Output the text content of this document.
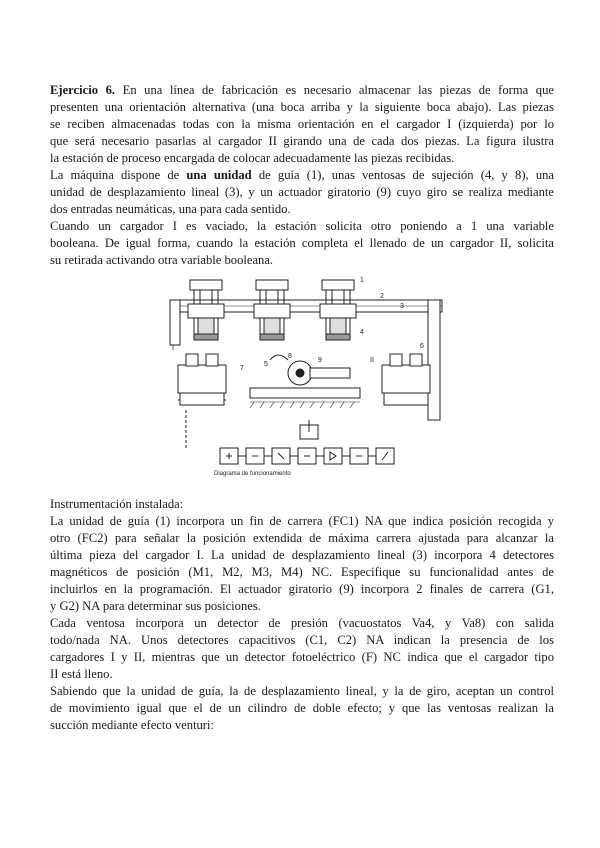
Ejercicio 6. En una línea de fabricación es necesario almacenar las piezas de forma que
presenten una orientación alternativa (una boca arriba y la siguiente boca abajo). Las piezas
se reciben almacenadas todas con la misma orientación en el cargador I (izquierda) por lo
que será necesario pasarlas al cargador II girando una de cada dos piezas. La figura ilustra
la estación de proceso encargada de colocar adecuadamente las piezas recibidas.
La máquina dispone de una unidad de guía (1), unas ventosas de sujeción (4, y 8), una
unidad de desplazamiento lineal (3), y un actuador giratorio (9) cuyo giro se realiza mediante
dos entradas neumáticas, una para cada sentido.
Cuando un cargador I es vaciado, la estación solicita otro poniendo a 1 una variable
booleana. De igual forma, cuando la estación completa el llenado de un cargador II, solicita
su retirada activando otra variable booleana.
1
2
3
4
5
6
7
8
9
I
II
Diagrama de funcionamiento
Instrumentación instalada:
La unidad de guía (1) incorpora un fin de carrera (FC1) NA que indica posición recogida y
otro (FC2) para señalar la posición extendida de máxima carrera ajustada para alcanzar la
última pieza del cargador I. La unidad de desplazamiento lineal (3) incorpora 4 detectores
magnéticos de posición (M1, M2, M3, M4) NC. Especifique su funcionalidad antes de
incluirlos en la programación. El actuador giratorio (9) incorpora 2 finales de carrera (G1,
y G2) NA para determinar sus posiciones.
Cada ventosa incorpora un detector de presión (vacuostatos Va4, y Va8) con salida
todo/nada NA. Unos detectores capacitivos (C1, C2) NA indican la presencia de los
cargadores I y II, mientras que un detector fotoeléctrico (F) NC indica que el cargador tipo
II está lleno.
Sabiendo que la unidad de guía, la de desplazamiento lineal, y la de giro, aceptan un control
de movimiento igual que el de un cilindro de doble efecto; y que las ventosas realizan la
succión mediante efecto venturi:
